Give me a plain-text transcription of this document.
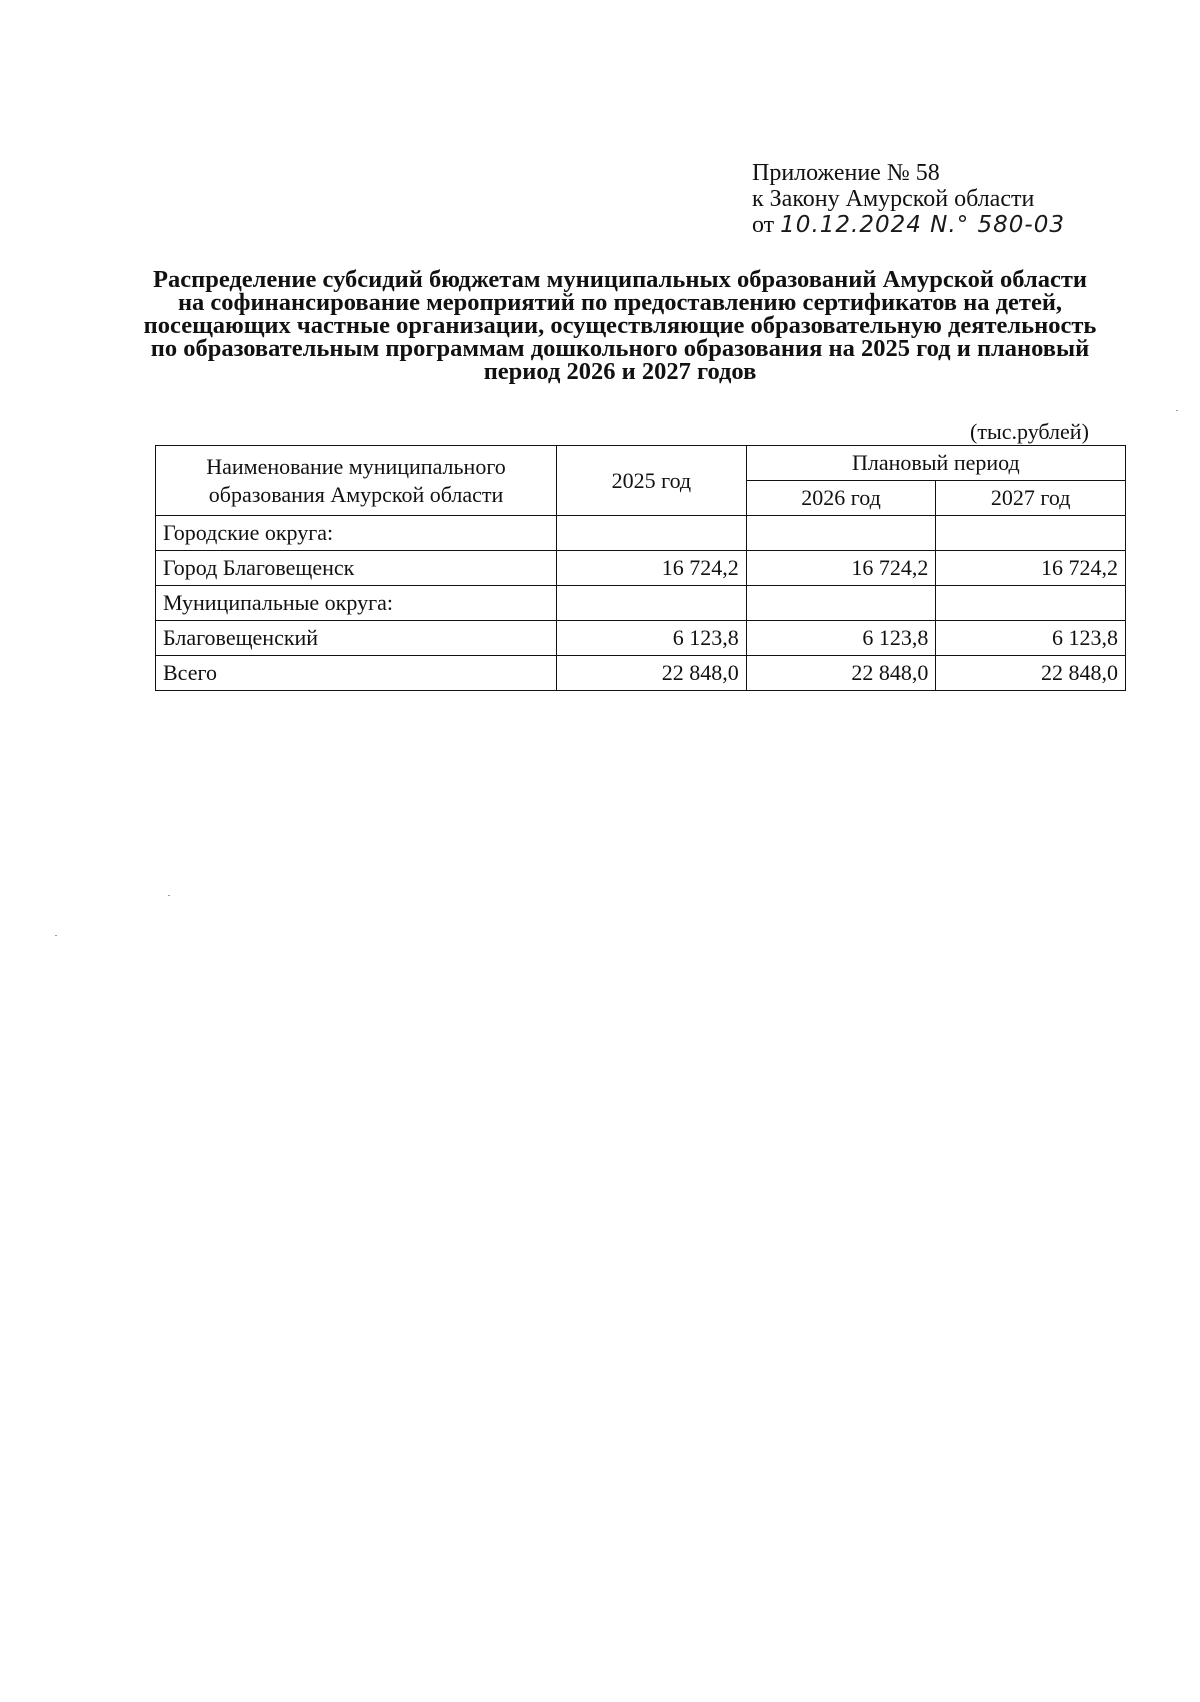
Приложение № 58
к Закону Амурской области
от 10.12.2024 N.° 580-03
Распределение субсидий бюджетам муниципальных образований Амурской области на софинансирование мероприятий по предоставлению сертификатов на детей, посещающих частные организации, осуществляющие образовательную деятельность по образовательным программам дошкольного образования на 2025 год и плановый период 2026 и 2027 годов
(тыс.рублей)
Наименование муниципального образования Амурской области	2025 год	Плановый период	
		2026 год	2027 год
Городские округа:			
Город Благовещенск	16 724,2	16 724,2	16 724,2
Муниципальные округа:			
Благовещенский	6 123,8	6 123,8	6 123,8
Всего	22 848,0	22 848,0	22 848,0
